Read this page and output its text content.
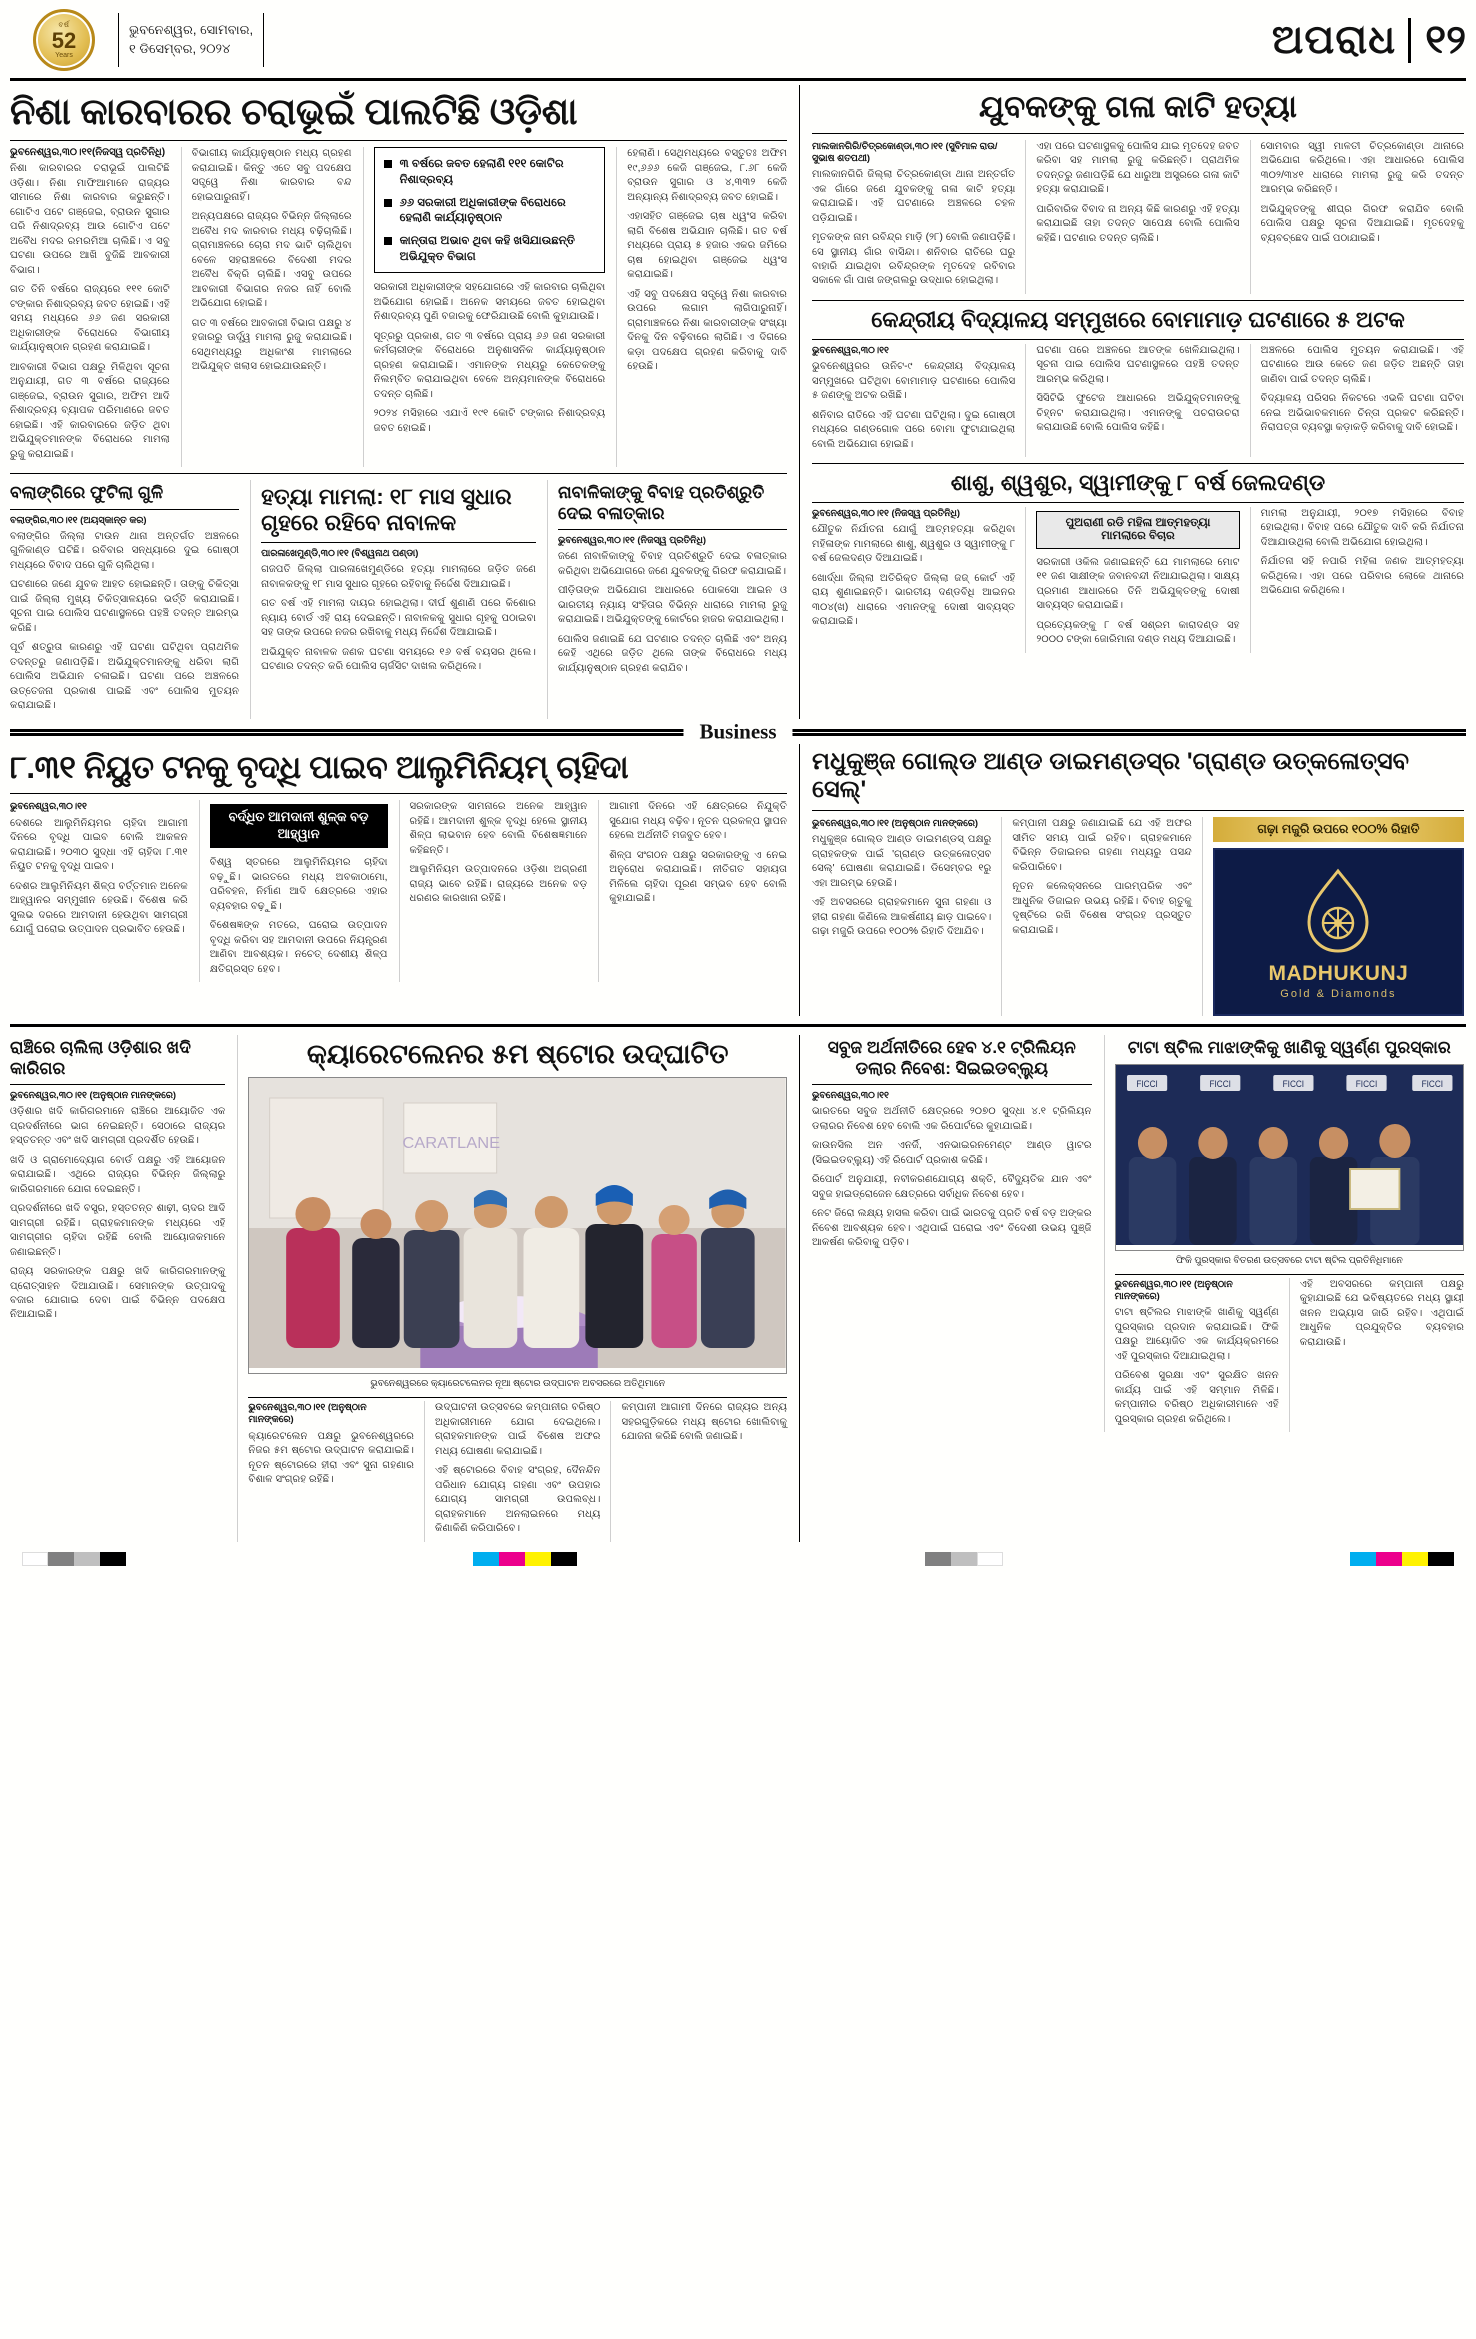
ବର୍ଷ
52
Years
ଭୁବନେଶ୍ୱର, ସୋମବାର,
୧ ଡିସେମ୍ବର, ୨୦୨୪	ଅପରାଧ ୧୨
ନିଶା କାରବାରର ଚରାଭୂଇଁ ପାଲଟିଛି ଓଡ଼ିଶା
ଭୁବନେଶ୍ୱର,୩୦।୧୧(ନିଜସ୍ୱ ପ୍ରତିନିଧି)

ନିଶା କାରବାରର ଚରାଭୂଇଁ ପାଲଟିଛି ଓଡ଼ିଶା। ନିଶା ମାଫିଆମାନେ ରାଜ୍ୟର ସୀମାରେ ନିଶା କାରବାର କରୁଛନ୍ତି। ଗୋଟିଏ ପଟେ ଗଞ୍ଜେଇ, ବ୍ରାଉନ ସୁଗାର ପରି ନିଶାଦ୍ରବ୍ୟ ଆଉ ଗୋଟିଏ ପଟେ ଅବୈଧ ମଦର ରମରମିଆ ଚାଲିଛି। ଏ ସବୁ ଘଟଣା ଉପରେ ଆଖି ବୁଜିଛି ଆବକାରୀ ବିଭାଗ।

ଗତ ତିନି ବର୍ଷରେ ରାଜ୍ୟରେ ୧୧୧ କୋଟି ଟଙ୍କାର ନିଶାଦ୍ରବ୍ୟ ଜବତ ହୋଇଛି। ଏହି ସମୟ ମଧ୍ୟରେ ୬୬ ଜଣ ସରକାରୀ ଅଧିକାରୀଙ୍କ ବିରୋଧରେ ବିଭାଗୀୟ କାର୍ଯ୍ୟାନୁଷ୍ଠାନ ଗ୍ରହଣ କରାଯାଇଛି।

ଆବକାରୀ ବିଭାଗ ପକ୍ଷରୁ ମିଳିଥିବା ସୂଚନା ଅନୁଯାୟୀ, ଗତ ୩ ବର୍ଷରେ ରାଜ୍ୟରେ ଗଞ୍ଜେଇ, ବ୍ରାଉନ ସୁଗାର, ଅଫିମ ଆଦି ନିଶାଦ୍ରବ୍ୟ ବ୍ୟାପକ ପରିମାଣରେ ଜବତ ହୋଇଛି। ଏହି କାରବାରରେ ଜଡ଼ିତ ଥିବା ଅଭିଯୁକ୍ତମାନଙ୍କ ବିରୋଧରେ ମାମଲା ରୁଜୁ କରାଯାଇଛି।

ବିଭାଗୀୟ କାର୍ଯ୍ୟାନୁଷ୍ଠାନ ମଧ୍ୟ ଗ୍ରହଣ କରାଯାଇଛି। କିନ୍ତୁ ଏତେ ସବୁ ପଦକ୍ଷେପ ସତ୍ତ୍ୱେ ନିଶା କାରବାର ବନ୍ଦ ହୋଇପାରୁନାହିଁ।

ଅନ୍ୟପକ୍ଷରେ ରାଜ୍ୟର ବିଭିନ୍ନ ଜିଲ୍ଲାରେ ଅବୈଧ ମଦ କାରବାର ମଧ୍ୟ ବଢ଼ିଚାଲିଛି। ଗ୍ରାମାଞ୍ଚଳରେ ଚୋରା ମଦ ଭାଟି ଚାଲିଥିବା ବେଳେ ସହରାଞ୍ଚଳରେ ବିଦେଶୀ ମଦର ଅବୈଧ ବିକ୍ରି ଚାଲିଛି। ଏସବୁ ଉପରେ ଆବକାରୀ ବିଭାଗର ନଜର ନାହିଁ ବୋଲି ଅଭିଯୋଗ ହୋଇଛି।

ଗତ ୩ ବର୍ଷରେ ଆବକାରୀ ବିଭାଗ ପକ୍ଷରୁ ୪ ହଜାରରୁ ଊର୍ଦ୍ଧ୍ୱ ମାମଲା ରୁଜୁ କରାଯାଇଛି। ସେଥିମଧ୍ୟରୁ ଅଧିକାଂଶ ମାମଲାରେ ଅଭିଯୁକ୍ତ ଖଲାସ ହୋଇଯାଉଛନ୍ତି।

୩ ବର୍ଷରେ ଜବତ ହେଲାଣି ୧୧୧ କୋଟିର ନିଶାଦ୍ରବ୍ୟ
୬୬ ସରକାରୀ ଅଧିକାରୀଙ୍କ ବିରୋଧରେ ହେଲାଣି କାର୍ଯ୍ୟାନୁଷ୍ଠାନ
କାନ୍ତାରା ଅଭାବ ଥିବା କହି ଖସିଯାଉଛନ୍ତି ଅଭିଯୁକ୍ତ ବିଭାଗ

ସରକାରୀ ଅଧିକାରୀଙ୍କ ସହଯୋଗରେ ଏହି କାରବାର ଚାଲିଥିବା ଅଭିଯୋଗ ହୋଇଛି। ଅନେକ ସମୟରେ ଜବତ ହୋଇଥିବା ନିଶାଦ୍ରବ୍ୟ ପୁଣି ବଜାରକୁ ଫେରିଯାଉଛି ବୋଲି କୁହାଯାଉଛି।

ସୂତ୍ରରୁ ପ୍ରକାଶ, ଗତ ୩ ବର୍ଷରେ ପ୍ରାୟ ୬୬ ଜଣ ସରକାରୀ କର୍ମଚାରୀଙ୍କ ବିରୋଧରେ ଅନୁଶାସନିକ କାର୍ଯ୍ୟାନୁଷ୍ଠାନ ଗ୍ରହଣ କରାଯାଇଛି। ଏମାନଙ୍କ ମଧ୍ୟରୁ କେତେକଙ୍କୁ ନିଲମ୍ବିତ କରାଯାଇଥିବା ବେଳେ ଅନ୍ୟମାନଙ୍କ ବିରୋଧରେ ତଦନ୍ତ ଚାଲିଛି।

୨୦୨୪ ମସିହାରେ ଏଯାଏଁ ୧୯୧ କୋଟି ଟଙ୍କାର ନିଶାଦ୍ରବ୍ୟ ଜବତ ହୋଇଛି।

ହେଲାଣି। ସେଥିମଧ୍ୟରେ ବସ୍ତୁତଃ ଅଫିମ ୧୯,୬୬୬ କେଜି ଗଞ୍ଜେଇ, ୮.୬୮ କେଜି ବ୍ରାଉନ ସୁଗାର ଓ ୪,୩୩୨ କେଜି ଅନ୍ୟାନ୍ୟ ନିଶାଦ୍ରବ୍ୟ ଜବତ ହୋଇଛି।

ଏହାସହିତ ଗଞ୍ଜେଇ ଚାଷ ଧ୍ୱଂସ କରିବା ଲାଗି ବିଶେଷ ଅଭିଯାନ ଚାଲିଛି। ଗତ ବର୍ଷ ମଧ୍ୟରେ ପ୍ରାୟ ୫ ହଜାର ଏକର ଜମିରେ ଚାଷ ହୋଇଥିବା ଗଞ୍ଜେଇ ଧ୍ୱଂସ କରାଯାଇଛି।

ଏହି ସବୁ ପଦକ୍ଷେପ ସତ୍ତ୍ୱେ ନିଶା କାରବାର ଉପରେ ଲଗାମ ଲାଗିପାରୁନାହିଁ। ଗ୍ରାମାଞ୍ଚଳରେ ନିଶା କାରବାରୀଙ୍କ ସଂଖ୍ୟା ଦିନକୁ ଦିନ ବଢ଼ିବାରେ ଲାଗିଛି। ଏ ଦିଗରେ କଡ଼ା ପଦକ୍ଷେପ ଗ୍ରହଣ କରିବାକୁ ଦାବି ହେଉଛି।

ବଲାଙ୍ଗିରେ ଫୁଟିଲା ଗୁଳି
ବଲାଙ୍ଗିର,୩୦।୧୧ (ଅୟସ୍କାନ୍ତ କର)

ବଲାଙ୍ଗିର ଜିଲ୍ଲା ଟାଉନ ଥାନା ଅନ୍ତର୍ଗତ ଅଞ୍ଚଳରେ ଗୁଳିକାଣ୍ଡ ଘଟିଛି। ରବିବାର ସନ୍ଧ୍ୟାରେ ଦୁଇ ଗୋଷ୍ଠୀ ମଧ୍ୟରେ ବିବାଦ ପରେ ଗୁଳି ଚାଲିଥିଲା।

ଘଟଣାରେ ଜଣେ ଯୁବକ ଆହତ ହୋଇଛନ୍ତି। ତାଙ୍କୁ ଚିକିତ୍ସା ପାଇଁ ଜିଲ୍ଲା ମୁଖ୍ୟ ଚିକିତ୍ସାଳୟରେ ଭର୍ତ୍ତି କରାଯାଇଛି। ସୂଚନା ପାଇ ପୋଲିସ ଘଟଣାସ୍ଥଳରେ ପହଞ୍ଚି ତଦନ୍ତ ଆରମ୍ଭ କରିଛି।

ପୂର୍ବ ଶତ୍ରୁତା କାରଣରୁ ଏହି ଘଟଣା ଘଟିଥିବା ପ୍ରାଥମିକ ତଦନ୍ତରୁ ଜଣାପଡ଼ିଛି। ଅଭିଯୁକ୍ତମାନଙ୍କୁ ଧରିବା ଲାଗି ପୋଲିସ ଅଭିଯାନ ଚଳାଇଛି। ଘଟଣା ପରେ ଅଞ୍ଚଳରେ ଉତ୍ତେଜନା ପ୍ରକାଶ ପାଇଛି ଏବଂ ପୋଲିସ ମୁତୟନ କରାଯାଇଛି।

ହତ୍ୟା ମାମଲା: ୧୮ ମାସ ସୁଧାର ଗୃହରେ ରହିବେ ନାବାଳକ
ପାରଳାଖେମୁଣ୍ଡି,୩୦।୧୧ (ବିଶ୍ୱନାଥ ପଣ୍ଡା)

ଗଜପତି ଜିଲ୍ଲା ପାରଳାଖେମୁଣ୍ଡିରେ ହତ୍ୟା ମାମଲାରେ ଜଡ଼ିତ ଜଣେ ନାବାଳକଙ୍କୁ ୧୮ ମାସ ସୁଧାର ଗୃହରେ ରହିବାକୁ ନିର୍ଦ୍ଦେଶ ଦିଆଯାଇଛି।

ଗତ ବର୍ଷ ଏହି ମାମଲା ଦାୟର ହୋଇଥିଲା। ଦୀର୍ଘ ଶୁଣାଣି ପରେ କିଶୋର ନ୍ୟାୟ ବୋର୍ଡ ଏହି ରାୟ ଦେଇଛନ୍ତି। ନାବାଳକକୁ ସୁଧାର ଗୃହକୁ ପଠାଇବା ସହ ତାଙ୍କ ଉପରେ ନଜର ରଖିବାକୁ ମଧ୍ୟ ନିର୍ଦ୍ଦେଶ ଦିଆଯାଇଛି।

ଅଭିଯୁକ୍ତ ନାବାଳକ ଜଣକ ଘଟଣା ସମୟରେ ୧୬ ବର୍ଷ ବୟସର ଥିଲେ। ଘଟଣାର ତଦନ୍ତ କରି ପୋଲିସ ଚାର୍ଜସିଟ ଦାଖଲ କରିଥିଲେ।

ନାବାଳିକାଙ୍କୁ ବିବାହ ପ୍ରତିଶ୍ରୁତି ଦେଇ ବଳାତ୍କାର
ଭୁବନେଶ୍ୱର,୩୦।୧୧ (ନିଜସ୍ୱ ପ୍ରତିନିଧି)

ଜଣେ ନାବାଳିକାଙ୍କୁ ବିବାହ ପ୍ରତିଶ୍ରୁତି ଦେଇ ବଳାତ୍କାର କରିଥିବା ଅଭିଯୋଗରେ ଜଣେ ଯୁବକଙ୍କୁ ଗିରଫ କରାଯାଇଛି।

ପୀଡ଼ିତାଙ୍କ ଅଭିଯୋଗ ଆଧାରରେ ପୋକସୋ ଆଇନ ଓ ଭାରତୀୟ ନ୍ୟାୟ ସଂହିତାର ବିଭିନ୍ନ ଧାରାରେ ମାମଲା ରୁଜୁ କରାଯାଇଛି। ଅଭିଯୁକ୍ତଙ୍କୁ କୋର୍ଟରେ ହାଜର କରାଯାଇଥିଲା।

ପୋଲିସ ଜଣାଇଛି ଯେ ଘଟଣାର ତଦନ୍ତ ଚାଲିଛି ଏବଂ ଅନ୍ୟ କେହି ଏଥିରେ ଜଡ଼ିତ ଥିଲେ ତାଙ୍କ ବିରୋଧରେ ମଧ୍ୟ କାର୍ଯ୍ୟାନୁଷ୍ଠାନ ଗ୍ରହଣ କରାଯିବ।

ଯୁବକଙ୍କୁ ଗଳା କାଟି ହତ୍ୟା
ମାଲକାନଗିରି/ଚିତ୍ରକୋଣ୍ଡା,୩୦।୧୧ (ସୁବିମାଳ ରାଉ/ସୁଭାଷ ଶତପଥୀ)

ମାଲକାନଗିରି ଜିଲ୍ଲା ଚିତ୍ରକୋଣ୍ଡା ଥାନା ଅନ୍ତର୍ଗତ ଏକ ଗାଁରେ ଜଣେ ଯୁବକଙ୍କୁ ଗଳା କାଟି ହତ୍ୟା କରାଯାଇଛି। ଏହି ଘଟଣାରେ ଅଞ୍ଚଳରେ ଚହଳ ପଡ଼ିଯାଇଛି।

ମୃତକଙ୍କ ନାମ ରବିନ୍ଦ୍ର ମାଡ଼ି (୨୮) ବୋଲି ଜଣାପଡ଼ିଛି। ସେ ସ୍ଥାନୀୟ ଗାଁର ବାସିନ୍ଦା। ଶନିବାର ରାତିରେ ଘରୁ ବାହାରି ଯାଇଥିବା ରବିନ୍ଦ୍ରଙ୍କ ମୃତଦେହ ରବିବାର ସକାଳେ ଗାଁ ପାଖ ଜଙ୍ଗଲରୁ ଉଦ୍ଧାର ହୋଇଥିଲା।

ଏହା ପରେ ଘଟଣାସ୍ଥଳକୁ ପୋଲିସ ଯାଇ ମୃତଦେହ ଜବତ କରିବା ସହ ମାମଲା ରୁଜୁ କରିଛନ୍ତି। ପ୍ରାଥମିକ ତଦନ୍ତରୁ ଜଣାପଡ଼ିଛି ଯେ ଧାରୁଆ ଅସ୍ତ୍ରରେ ଗଳା କାଟି ହତ୍ୟା କରାଯାଇଛି।

ପାରିବାରିକ ବିବାଦ ନା ଅନ୍ୟ କିଛି କାରଣରୁ ଏହି ହତ୍ୟା କରାଯାଇଛି ତାହା ତଦନ୍ତ ସାପେକ୍ଷ ବୋଲି ପୋଲିସ କହିଛି। ଘଟଣାର ତଦନ୍ତ ଚାଲିଛି।

ସୋମବାର ସ୍ୱୀ ମାଳତୀ ଚିତ୍ରକୋଣ୍ଡା ଥାନାରେ ଅଭିଯୋଗ କରିଥିଲେ। ଏହା ଆଧାରରେ ପୋଲିସ ୩୦୨/୩୪୧ ଧାରାରେ ମାମଲା ରୁଜୁ କରି ତଦନ୍ତ ଆରମ୍ଭ କରିଛନ୍ତି।

ଅଭିଯୁକ୍ତଙ୍କୁ ଶୀଘ୍ର ଗିରଫ କରାଯିବ ବୋଲି ପୋଲିସ ପକ୍ଷରୁ ସୂଚନା ଦିଆଯାଇଛି। ମୃତଦେହକୁ ବ୍ୟବଚ୍ଛେଦ ପାଇଁ ପଠାଯାଇଛି।

କେନ୍ଦ୍ରୀୟ ବିଦ୍ୟାଳୟ ସମ୍ମୁଖରେ ବୋମାମାଡ଼ ଘଟଣାରେ ୫ ଅଟକ
ଭୁବନେଶ୍ୱର,୩୦।୧୧

ଭୁବନେଶ୍ୱରର ଉନିଟ-୯ କେନ୍ଦ୍ରୀୟ ବିଦ୍ୟାଳୟ ସମ୍ମୁଖରେ ଘଟିଥିବା ବୋମାମାଡ଼ ଘଟଣାରେ ପୋଲିସ ୫ ଜଣଙ୍କୁ ଅଟକ ରଖିଛି।

ଶନିବାର ରାତିରେ ଏହି ଘଟଣା ଘଟିଥିଲା। ଦୁଇ ଗୋଷ୍ଠୀ ମଧ୍ୟରେ ଗଣ୍ଡଗୋଳ ପରେ ବୋମା ଫୁଟାଯାଇଥିଲା ବୋଲି ଅଭିଯୋଗ ହୋଇଛି।

ଘଟଣା ପରେ ଅଞ୍ଚଳରେ ଆତଙ୍କ ଖେଳିଯାଇଥିଲା। ସୂଚନା ପାଇ ପୋଲିସ ଘଟଣାସ୍ଥଳରେ ପହଞ୍ଚି ତଦନ୍ତ ଆରମ୍ଭ କରିଥିଲା।

ସିସିଟିଭି ଫୁଟେଜ ଆଧାରରେ ଅଭିଯୁକ୍ତମାନଙ୍କୁ ଚିହ୍ନଟ କରାଯାଇଥିଲା। ଏମାନଙ୍କୁ ପଚରାଉଚରା କରାଯାଉଛି ବୋଲି ପୋଲିସ କହିଛି।

ଅଞ୍ଚଳରେ ପୋଲିସ ମୁତୟନ କରାଯାଇଛି। ଏହି ଘଟଣାରେ ଆଉ କେତେ ଜଣ ଜଡ଼ିତ ଅଛନ୍ତି ତାହା ଜାଣିବା ପାଇଁ ତଦନ୍ତ ଚାଲିଛି।

ବିଦ୍ୟାଳୟ ପରିସର ନିକଟରେ ଏଭଳି ଘଟଣା ଘଟିବା ନେଇ ଅଭିଭାବକମାନେ ଚିନ୍ତା ପ୍ରକଟ କରିଛନ୍ତି। ନିରାପତ୍ତା ବ୍ୟବସ୍ଥା କଡ଼ାକଡ଼ି କରିବାକୁ ଦାବି ହୋଇଛି।

ଶାଶୁ, ଶ୍ୱଶୁର, ସ୍ୱାମୀଙ୍କୁ ୮ ବର୍ଷ ଜେଲଦଣ୍ଡ
ଭୁବନେଶ୍ୱର,୩୦।୧୧ (ନିଜସ୍ୱ ପ୍ରତିନିଧି)

ଯୌତୁକ ନିର୍ଯାତନା ଯୋଗୁଁ ଆତ୍ମହତ୍ୟା କରିଥିବା ମହିଳାଙ୍କ ମାମଲାରେ ଶାଶୁ, ଶ୍ୱଶୁର ଓ ସ୍ୱାମୀଙ୍କୁ ୮ ବର୍ଷ ଜେଲଦଣ୍ଡ ଦିଆଯାଇଛି।

ଖୋର୍ଦ୍ଧା ଜିଲ୍ଲା ଅତିରିକ୍ତ ଜିଲ୍ଲା ଜଜ୍ କୋର୍ଟ ଏହି ରାୟ ଶୁଣାଇଛନ୍ତି। ଭାରତୀୟ ଦଣ୍ଡବିଧି ଆଇନର ୩୦୪(ଖ) ଧାରାରେ ଏମାନଙ୍କୁ ଦୋଷୀ ସାବ୍ୟସ୍ତ କରାଯାଇଛି।

ପୁଅରାଣୀ ରଡି ମହିଳା ଆତ୍ମହତ୍ୟା ମାମଲାରେ ବିଚାର

ସରକାରୀ ଓକିଲ ଜଣାଇଛନ୍ତି ଯେ ମାମଲାରେ ମୋଟ ୧୧ ଜଣ ସାକ୍ଷୀଙ୍କ ଜବାନବନ୍ଦୀ ନିଆଯାଇଥିଲା। ସାକ୍ଷ୍ୟ ପ୍ରମାଣ ଆଧାରରେ ତିନି ଅଭିଯୁକ୍ତଙ୍କୁ ଦୋଷୀ ସାବ୍ୟସ୍ତ କରାଯାଇଛି।

ପ୍ରତ୍ୟେକଙ୍କୁ ୮ ବର୍ଷ ସଶ୍ରମ କାରାଦଣ୍ଡ ସହ ୨୦୦୦ ଟଙ୍କା ଜୋରିମାନା ଦଣ୍ଡ ମଧ୍ୟ ଦିଆଯାଇଛି।

ମାମଲା ଅନୁଯାୟୀ, ୨୦୧୭ ମସିହାରେ ବିବାହ ହୋଇଥିଲା। ବିବାହ ପରେ ଯୌତୁକ ଦାବି କରି ନିର୍ଯାତନା ଦିଆଯାଉଥିଲା ବୋଲି ଅଭିଯୋଗ ହୋଇଥିଲା।

ନିର୍ଯାତନା ସହି ନପାରି ମହିଳା ଜଣକ ଆତ୍ମହତ୍ୟା କରିଥିଲେ। ଏହା ପରେ ପରିବାର ଲୋକେ ଥାନାରେ ଅଭିଯୋଗ କରିଥିଲେ।

Business
୮.୩୧ ନିୟୁତ ଟନକୁ ବୃଦ୍ଧି ପାଇବ ଆଲୁମିନିୟମ୍ ଚାହିଦା
ଭୁବନେଶ୍ୱର,୩୦।୧୧

ଦେଶରେ ଆଲୁମିନିୟମର ଚାହିଦା ଆଗାମୀ ଦିନରେ ବୃଦ୍ଧି ପାଇବ ବୋଲି ଆକଳନ କରାଯାଇଛି। ୨୦୩୦ ସୁଦ୍ଧା ଏହି ଚାହିଦା ୮.୩୧ ନିୟୁତ ଟନକୁ ବୃଦ୍ଧି ପାଇବ।

ଦେଶର ଆଲୁମିନିୟମ ଶିଳ୍ପ ବର୍ତ୍ତମାନ ଅନେକ ଆହ୍ୱାନର ସମ୍ମୁଖୀନ ହେଉଛି। ବିଶେଷ କରି ସୁଲଭ ଦରରେ ଆମଦାନୀ ହେଉଥିବା ସାମଗ୍ରୀ ଯୋଗୁଁ ଘରୋଇ ଉତ୍ପାଦନ ପ୍ରଭାବିତ ହେଉଛି।

ବର୍ଦ୍ଧିତ ଆମଦାନୀ ଶୁଳ୍କ ବଡ଼ ଆହ୍ୱାନ

ବିଶ୍ୱ ସ୍ତରରେ ଆଲୁମିନିୟମର ଚାହିଦା ବଢ଼ୁଛି। ଭାରତରେ ମଧ୍ୟ ଅବକାଠାମୋ, ପରିବହନ, ନିର୍ମାଣ ଆଦି କ୍ଷେତ୍ରରେ ଏହାର ବ୍ୟବହାର ବଢ଼ୁଛି।

ବିଶେଷଜ୍ଞଙ୍କ ମତରେ, ଘରୋଇ ଉତ୍ପାଦନ ବୃଦ୍ଧି କରିବା ସହ ଆମଦାନୀ ଉପରେ ନିୟନ୍ତ୍ରଣ ଆଣିବା ଆବଶ୍ୟକ। ନଚେତ୍ ଦେଶୀୟ ଶିଳ୍ପ କ୍ଷତିଗ୍ରସ୍ତ ହେବ।

ସରକାରଙ୍କ ସାମନାରେ ଅନେକ ଆହ୍ୱାନ ରହିଛି। ଆମଦାନୀ ଶୁଳ୍କ ବୃଦ୍ଧି ହେଲେ ସ୍ଥାନୀୟ ଶିଳ୍ପ ଲାଭବାନ ହେବ ବୋଲି ବିଶେଷଜ୍ଞମାନେ କହିଛନ୍ତି।

ଆଲୁମିନିୟମ ଉତ୍ପାଦନରେ ଓଡ଼ିଶା ଅଗ୍ରଣୀ ରାଜ୍ୟ ଭାବେ ରହିଛି। ରାଜ୍ୟରେ ଅନେକ ବଡ଼ ଧରଣର କାରଖାନା ରହିଛି।

ଆଗାମୀ ଦିନରେ ଏହି କ୍ଷେତ୍ରରେ ନିଯୁକ୍ତି ସୁଯୋଗ ମଧ୍ୟ ବଢ଼ିବ। ନୂତନ ପ୍ରକଳ୍ପ ସ୍ଥାପନ ହେଲେ ଅର୍ଥନୀତି ମଜବୁତ ହେବ।

ଶିଳ୍ପ ସଂଗଠନ ପକ୍ଷରୁ ସରକାରଙ୍କୁ ଏ ନେଇ ଅନୁରୋଧ କରାଯାଇଛି। ନୀତିଗତ ସହାୟତା ମିଳିଲେ ଚାହିଦା ପୂରଣ ସମ୍ଭବ ହେବ ବୋଲି କୁହାଯାଇଛି।

ମଧୁକୁଞ୍ଜ ଗୋଲ୍ଡ ଆଣ୍ଡ ଡାଇମଣ୍ଡସ୍‌ର 'ଗ୍ରାଣ୍ଡ ଉତ୍କଳୋତ୍ସବ ସେଲ୍'
ଭୁବନେଶ୍ୱର,୩୦।୧୧ (ଅନୁଷ୍ଠାନ ମାନଙ୍କରେ)

ମଧୁକୁଞ୍ଜ ଗୋଲ୍ଡ ଆଣ୍ଡ ଡାଇମଣ୍ଡସ୍ ପକ୍ଷରୁ ଗ୍ରାହକଙ୍କ ପାଇଁ 'ଗ୍ରାଣ୍ଡ ଉତ୍କଳୋତ୍ସବ ସେଲ୍' ଘୋଷଣା କରାଯାଇଛି। ଡିସେମ୍ବର ୧ରୁ ଏହା ଆରମ୍ଭ ହେଉଛି।

ଏହି ଅବସରରେ ଗ୍ରାହକମାନେ ସୁନା ଗହଣା ଓ ହୀରା ଗହଣା କିଣିଲେ ଆକର୍ଷଣୀୟ ଛାଡ଼ ପାଇବେ। ଗଢ଼ା ମଜୁରି ଉପରେ ୧୦୦% ରିହାତି ଦିଆଯିବ।

କମ୍ପାନୀ ପକ୍ଷରୁ ଜଣାଯାଇଛି ଯେ ଏହି ଅଫର ସୀମିତ ସମୟ ପାଇଁ ରହିବ। ଗ୍ରାହକମାନେ ବିଭିନ୍ନ ଡିଜାଇନର ଗହଣା ମଧ୍ୟରୁ ପସନ୍ଦ କରିପାରିବେ।

ନୂତନ କଲେକ୍ସନରେ ପାରମ୍ପରିକ ଏବଂ ଆଧୁନିକ ଡିଜାଇନ ଉଭୟ ରହିଛି। ବିବାହ ଋତୁକୁ ଦୃଷ୍ଟିରେ ରଖି ବିଶେଷ ସଂଗ୍ରହ ପ୍ରସ୍ତୁତ କରାଯାଇଛି।

ଗଢ଼ା ମଜୁରି ଉପରେ ୧୦୦% ରିହାତି
MADHUKUNJ
Gold & Diamonds
ରାଞ୍ଚିରେ ଚାଲିଲା ଓଡ଼ିଶାର ଖଦି କାରିଗର
ଭୁବନେଶ୍ୱର,୩୦।୧୧ (ଅନୁଷ୍ଠାନ ମାନଙ୍କରେ)

ଓଡ଼ିଶାର ଖଦି କାରିଗରମାନେ ରାଞ୍ଚିରେ ଆୟୋଜିତ ଏକ ପ୍ରଦର୍ଶନୀରେ ଭାଗ ନେଇଛନ୍ତି। ସେଠାରେ ରାଜ୍ୟର ହସ୍ତତନ୍ତ ଏବଂ ଖଦି ସାମଗ୍ରୀ ପ୍ରଦର୍ଶିତ ହେଉଛି।

ଖଦି ଓ ଗ୍ରାମୋଦ୍ୟୋଗ ବୋର୍ଡ ପକ୍ଷରୁ ଏହି ଆୟୋଜନ କରାଯାଇଛି। ଏଥିରେ ରାଜ୍ୟର ବିଭିନ୍ନ ଜିଲ୍ଲାରୁ କାରିଗରମାନେ ଯୋଗ ଦେଇଛନ୍ତି।

ପ୍ରଦର୍ଶନୀରେ ଖଦି ବସ୍ତ୍ର, ହସ୍ତତନ୍ତ ଶାଢ଼ୀ, ଚାଦର ଆଦି ସାମଗ୍ରୀ ରହିଛି। ଗ୍ରାହକମାନଙ୍କ ମଧ୍ୟରେ ଏହି ସାମଗ୍ରୀର ଚାହିଦା ରହିଛି ବୋଲି ଆୟୋଜକମାନେ ଜଣାଇଛନ୍ତି।

ରାଜ୍ୟ ସରକାରଙ୍କ ପକ୍ଷରୁ ଖଦି କାରିଗରମାନଙ୍କୁ ପ୍ରୋତ୍ସାହନ ଦିଆଯାଉଛି। ସେମାନଙ୍କ ଉତ୍ପାଦକୁ ବଜାର ଯୋଗାଇ ଦେବା ପାଇଁ ବିଭିନ୍ନ ପଦକ୍ଷେପ ନିଆଯାଇଛି।

କ୍ୟାରେଟଲେନର ୫ମ ଷ୍ଟୋର ଉଦ୍‌ଘାଟିତ
CARATLANE
ଭୁବନେଶ୍ୱରରେ କ୍ୟାରେଟଲେନର ନୂଆ ଷ୍ଟୋର ଉଦ୍‌ଘାଟନ ଅବସରରେ ଅତିଥିମାନେ
ଭୁବନେଶ୍ୱର,୩୦।୧୧ (ଅନୁଷ୍ଠାନ ମାନଙ୍କରେ)

କ୍ୟାରେଟଲେନ ପକ୍ଷରୁ ଭୁବନେଶ୍ୱରରେ ନିଜର ୫ମ ଷ୍ଟୋର ଉଦ୍‌ଘାଟନ କରାଯାଇଛି। ନୂତନ ଷ୍ଟୋରରେ ହୀରା ଏବଂ ସୁନା ଗହଣାର ବିଶାଳ ସଂଗ୍ରହ ରହିଛି।

ଉଦ୍‌ଘାଟନୀ ଉତ୍ସବରେ କମ୍ପାନୀର ବରିଷ୍ଠ ଅଧିକାରୀମାନେ ଯୋଗ ଦେଇଥିଲେ। ଗ୍ରାହକମାନଙ୍କ ପାଇଁ ବିଶେଷ ଅଫର ମଧ୍ୟ ଘୋଷଣା କରାଯାଇଛି।

ଏହି ଷ୍ଟୋରରେ ବିବାହ ସଂଗ୍ରହ, ଦୈନନ୍ଦିନ ପରିଧାନ ଯୋଗ୍ୟ ଗହଣା ଏବଂ ଉପହାର ଯୋଗ୍ୟ ସାମଗ୍ରୀ ଉପଲବ୍ଧ। ଗ୍ରାହକମାନେ ଅନଲାଇନରେ ମଧ୍ୟ କିଣାକିଣି କରିପାରିବେ।

କମ୍ପାନୀ ଆଗାମୀ ଦିନରେ ରାଜ୍ୟର ଅନ୍ୟ ସହରଗୁଡ଼ିକରେ ମଧ୍ୟ ଷ୍ଟୋର ଖୋଲିବାକୁ ଯୋଜନା କରିଛି ବୋଲି ଜଣାଇଛି।

ସବୁଜ ଅର୍ଥନୀତିରେ ହେବ ୪.୧ ଟ୍ରିଲିୟନ ଡଲାର ନିବେଶ: ସିଇଇଡବ୍ଲ୍ୟୁ
ଭୁବନେଶ୍ୱର,୩୦।୧୧

ଭାରତରେ ସବୁଜ ଅର୍ଥନୀତି କ୍ଷେତ୍ରରେ ୨୦୭୦ ସୁଦ୍ଧା ୪.୧ ଟ୍ରିଲିୟନ ଡଲାରର ନିବେଶ ହେବ ବୋଲି ଏକ ରିପୋର୍ଟରେ କୁହାଯାଇଛି।

କାଉନସିଲ ଅନ ଏନର୍ଜି, ଏନଭାଇରନମେଣ୍ଟ ଆଣ୍ଡ ୱାଟର (ସିଇଇଡବ୍ଲ୍ୟୁ) ଏହି ରିପୋର୍ଟ ପ୍ରକାଶ କରିଛି।

ରିପୋର୍ଟ ଅନୁଯାୟୀ, ନବୀକରଣଯୋଗ୍ୟ ଶକ୍ତି, ବୈଦ୍ୟୁତିକ ଯାନ ଏବଂ ସବୁଜ ହାଇଡ୍ରୋଜେନ କ୍ଷେତ୍ରରେ ସର୍ବାଧିକ ନିବେଶ ହେବ।

ନେଟ ଜିରୋ ଲକ୍ଷ୍ୟ ହାସଲ କରିବା ପାଇଁ ଭାରତକୁ ପ୍ରତି ବର୍ଷ ବଡ଼ ଅଙ୍କର ନିବେଶ ଆବଶ୍ୟକ ହେବ। ଏଥିପାଇଁ ଘରୋଇ ଏବଂ ବିଦେଶୀ ଉଭୟ ପୁଞ୍ଜି ଆକର୍ଷଣ କରିବାକୁ ପଡ଼ିବ।

ଟାଟା ଷ୍ଟିଲ ମାଝାଙ୍କିକୁ ଖାଣିକୁ ସ୍ୱର୍ଣ୍ଣ ପୁରସ୍କାର
FICCI	FICCI	FICCI	FICCI	FICCI
ଫିକି ପୁରସ୍କାର ବିତରଣ ଉତ୍ସବରେ ଟାଟା ଷ୍ଟିଲ ପ୍ରତିନିଧିମାନେ
ଭୁବନେଶ୍ୱର,୩୦।୧୧ (ଅନୁଷ୍ଠାନ ମାନଙ୍କରେ)

ଟାଟା ଷ୍ଟିଲର ମାଝାଙ୍କି ଖାଣିକୁ ସ୍ୱର୍ଣ୍ଣ ପୁରସ୍କାର ପ୍ରଦାନ କରାଯାଇଛି। ଫିକି ପକ୍ଷରୁ ଆୟୋଜିତ ଏକ କାର୍ଯ୍ୟକ୍ରମରେ ଏହି ପୁରସ୍କାର ଦିଆଯାଇଥିଲା।

ପରିବେଶ ସୁରକ୍ଷା ଏବଂ ସୁରକ୍ଷିତ ଖନନ କାର୍ଯ୍ୟ ପାଇଁ ଏହି ସମ୍ମାନ ମିଳିଛି। କମ୍ପାନୀର ବରିଷ୍ଠ ଅଧିକାରୀମାନେ ଏହି ପୁରସ୍କାର ଗ୍ରହଣ କରିଥିଲେ।

ଏହି ଅବସରରେ କମ୍ପାନୀ ପକ୍ଷରୁ କୁହାଯାଇଛି ଯେ ଭବିଷ୍ୟତରେ ମଧ୍ୟ ସ୍ଥାୟୀ ଖନନ ଅଭ୍ୟାସ ଜାରି ରହିବ। ଏଥିପାଇଁ ଆଧୁନିକ ପ୍ରଯୁକ୍ତିର ବ୍ୟବହାର କରାଯାଉଛି।
